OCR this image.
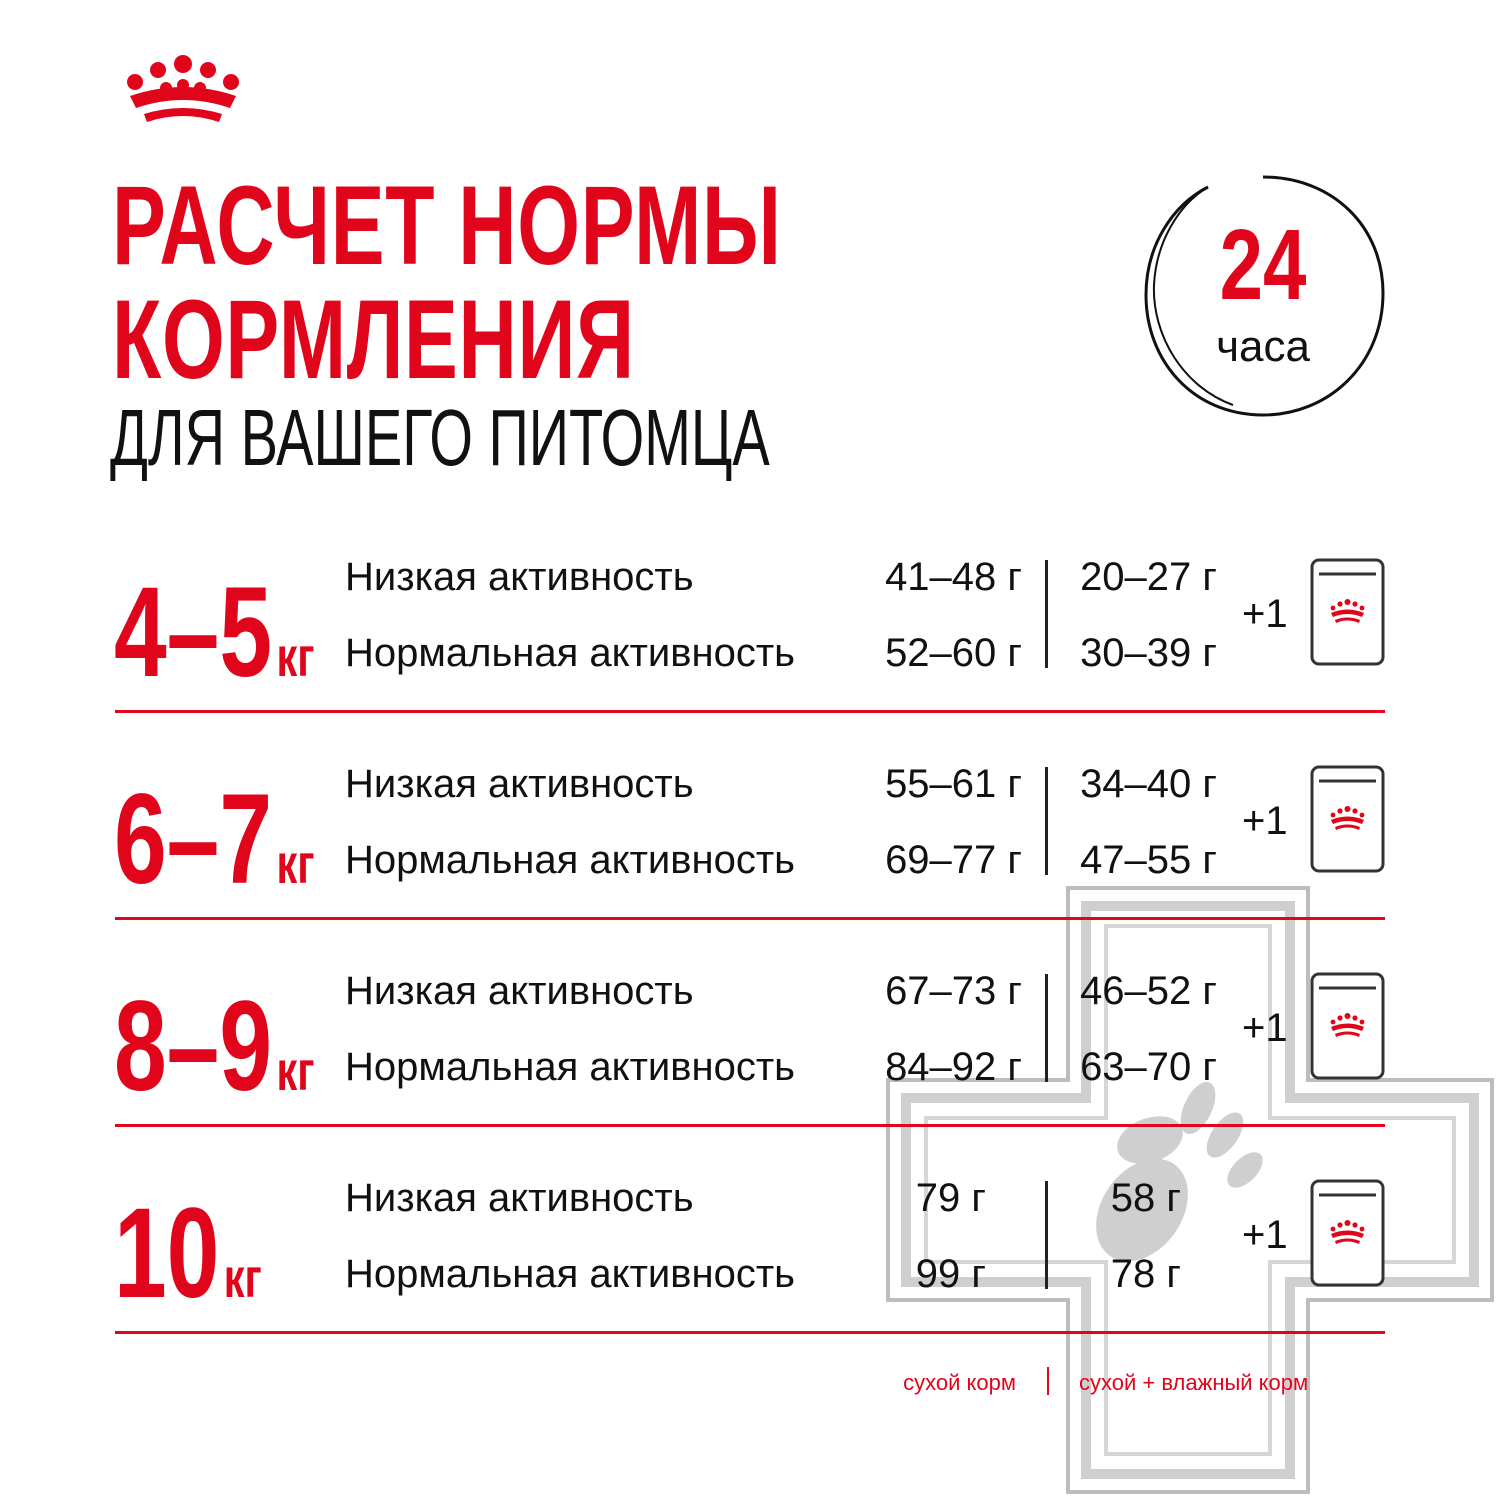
РАСЧЕТ НОРМЫ
КОРМЛЕНИЯ
ДЛЯ ВАШЕГО ПИТОМЦА
24
часа
4–5кг
Низкая активность
Нормальная активность
41–48 г
52–60 г
20–27 г
30–39 г
+1
6–7кг
Низкая активность
Нормальная активность
55–61 г
69–77 г
34–40 г
47–55 г
+1
8–9кг
Низкая активность
Нормальная активность
67–73 г
84–92 г
46–52 г
63–70 г
+1
10кг
Низкая активность
Нормальная активность
79 г
99 г
58 г
78 г
+1
сухой корм	сухой + влажный корм
